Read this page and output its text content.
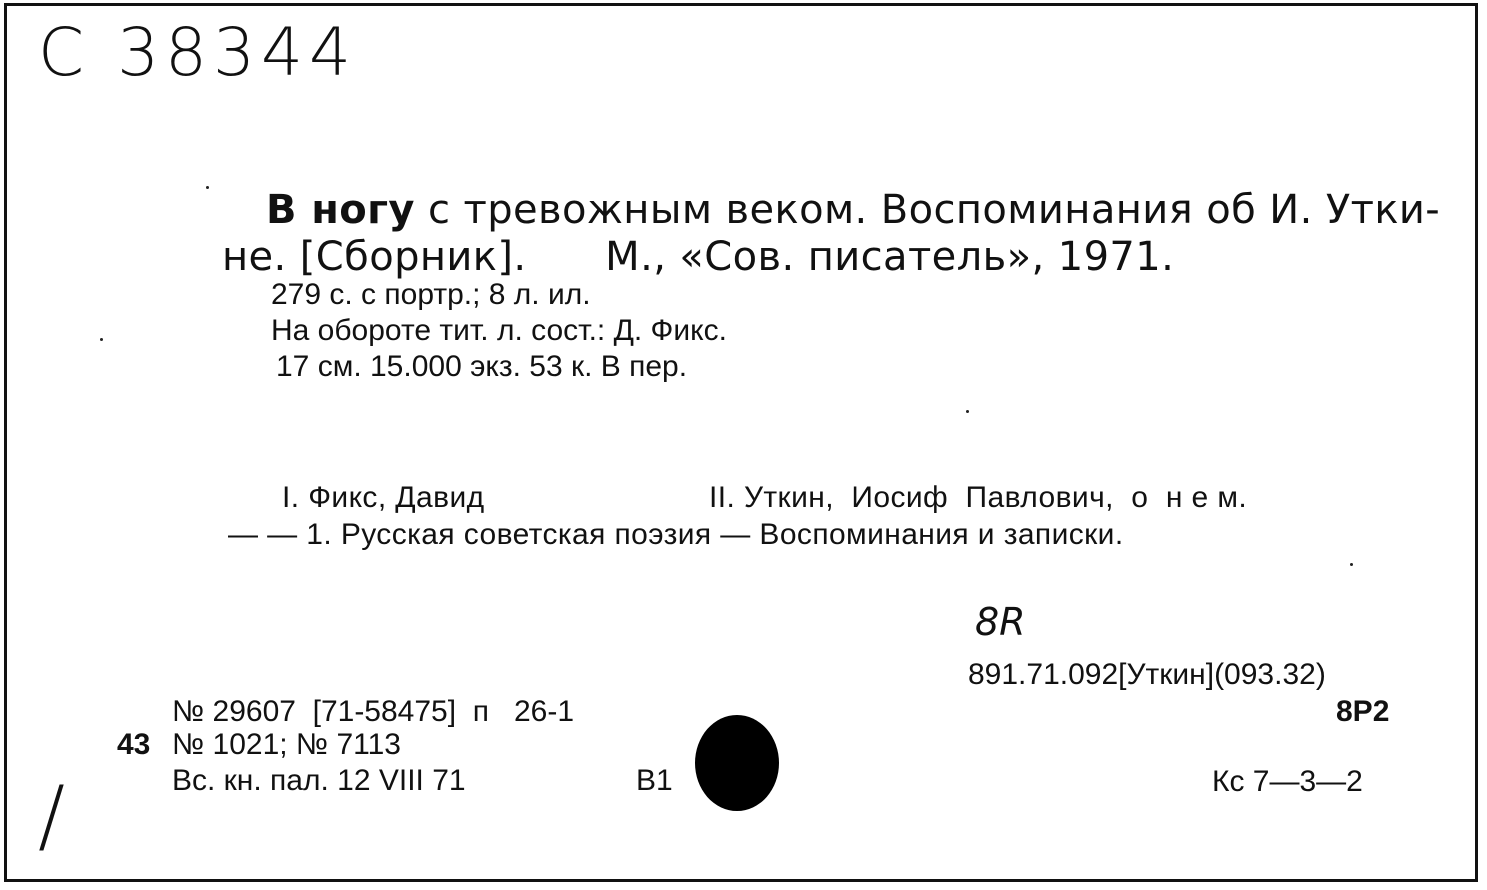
C 38344
В ногу с тревожным веком. Воспоминания об И. Утки-
не. [Сборник].      М., «Сов. писатель», 1971.
279 с. с портр.; 8 л. ил.
На обороте тит. л. сост.: Д. Фикс.
17 см. 15.000 экз. 53 к. В пер.
I. Фикс, Давид	II. Уткин,  Иосиф  Павлович,  о  н е м.
— — 1. Русская советская поэзия — Воспоминания и записки.
8R
891.71.092[Уткин](093.32)
8Р2
Кс 7—3—2
№ 29607  [71-58475]  п   26-1
43 № 1021; № 7113
Вс. кн. пал. 12 VIII 71	В1
/
